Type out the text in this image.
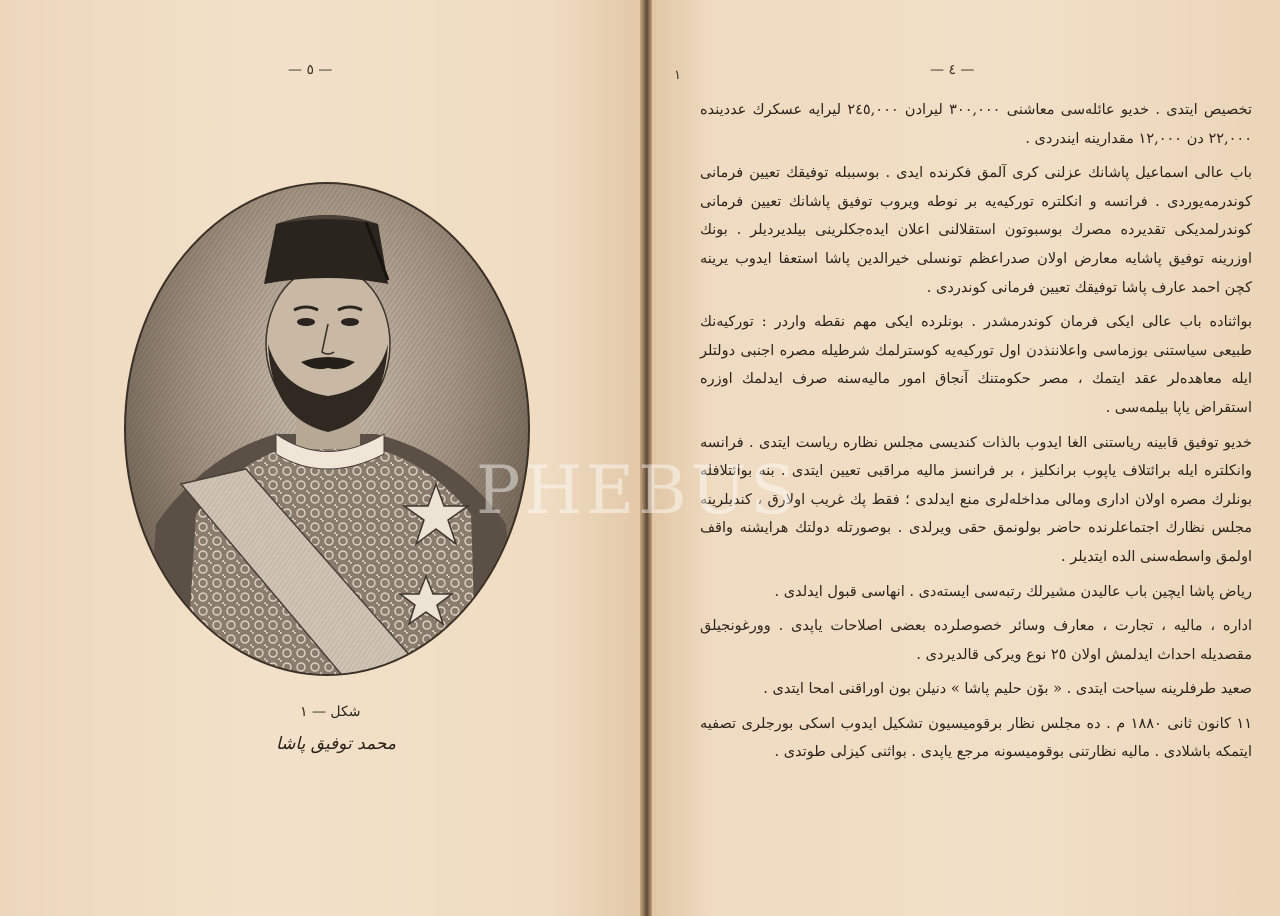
— ٥ —
شكل — ١
محمد توفيق پاشا
١	— ٤ —

تخصيص ايتدى . خديو عائله‌سى معاشنى ٣٠٠,٠٠٠ ليرادن ٢٤٥,٠٠٠ ليرايه عسكرك عددينده ٢٢,٠٠٠ دن ١٢,٠٠٠ مقدارينه ايندردى .

باب عالى اسماعيل پاشانك عزلنى كرى آلمق فكرنده ايدى . بوسببله توفيقك تعيين فرمانى كوندرمه‌يوردى . فرانسه و انكلتره توركيه‌يه بر نوطه ويروب توفيق پاشانك تعيين فرمانى كوندرلمديكى تقديرده مصرك بوسبوتون استقلالنى اعلان ايده‌جكلرينى بيلديرديلر . بونك اوزرينه توفيق پاشايه معارض اولان صدراعظم تونسلى خيرالدين پاشا استعفا ايدوب يرينه كچن احمد عارف پاشا توفيقك تعيين فرمانى كوندردى .

بواثناده باب عالى ايكى فرمان كوندرمشدر . بونلرده ايكى مهم نقطه واردر : توركيه‌نك طبيعى سياستنى بوزماسى واعلاننذدن اول توركيه‌يه كوسترلمك شرطيله مصره اجنبى دولتلر ايله معاهده‌لر عقد ايتمك ، مصر حكومتنك آنجاق امور ماليه‌سنه صرف ايدلمك اوزره استقراض ياپا بيلمه‌سى .

خديو توفيق قابينه رياستنى الغا ايدوب بالذات كنديسى مجلس نظاره رياست ايتدى . فرانسه وانكلتره ايله برائتلاف ياپوب برانكليز ، بر فرانسز ماليه مراقبى تعيين ايتدى . بنه بوائتلافله بونلرك مصره اولان ادارى ومالى مداخله‌لرى منع ايدلدى ؛ فقط پك غريب اولارق ، كنديلرينه مجلس نظارك اجتماعلرنده حاضر بولونمق حقى ويرلدى . بوصورتله دولتك هرايشنه واقف اولمق واسطه‌سنى الده ايتديلر .

رياض پاشا ايچين باب عاليدن مشيرلك رتبه‌سى ايستەدى . انهاسى قبول ايدلدى .

اداره ، ماليه ، تجارت ، معارف وسائر خصوصلرده بعضى اصلاحات ياپدى . وورغونجيلق مقصديله احداث ايدلمش اولان ٢٥ نوع ويركى قالديردى .

صعيد طرفلرينه سياحت ايتدى . « بۆن حليم پاشا » دنيلن بون اوراقنى امحا ايتدى .

١١ كانون ثانى ١٨٨٠ م . ده مجلس نظار برقوميسيون تشكيل ايدوب اسكى بورجلرى تصفيه ايتمكه باشلادى . ماليه نظارتنى بوقوميسونه مرجع ياپدى . بواثنى كيزلى طوتدى .

PHEBUS
